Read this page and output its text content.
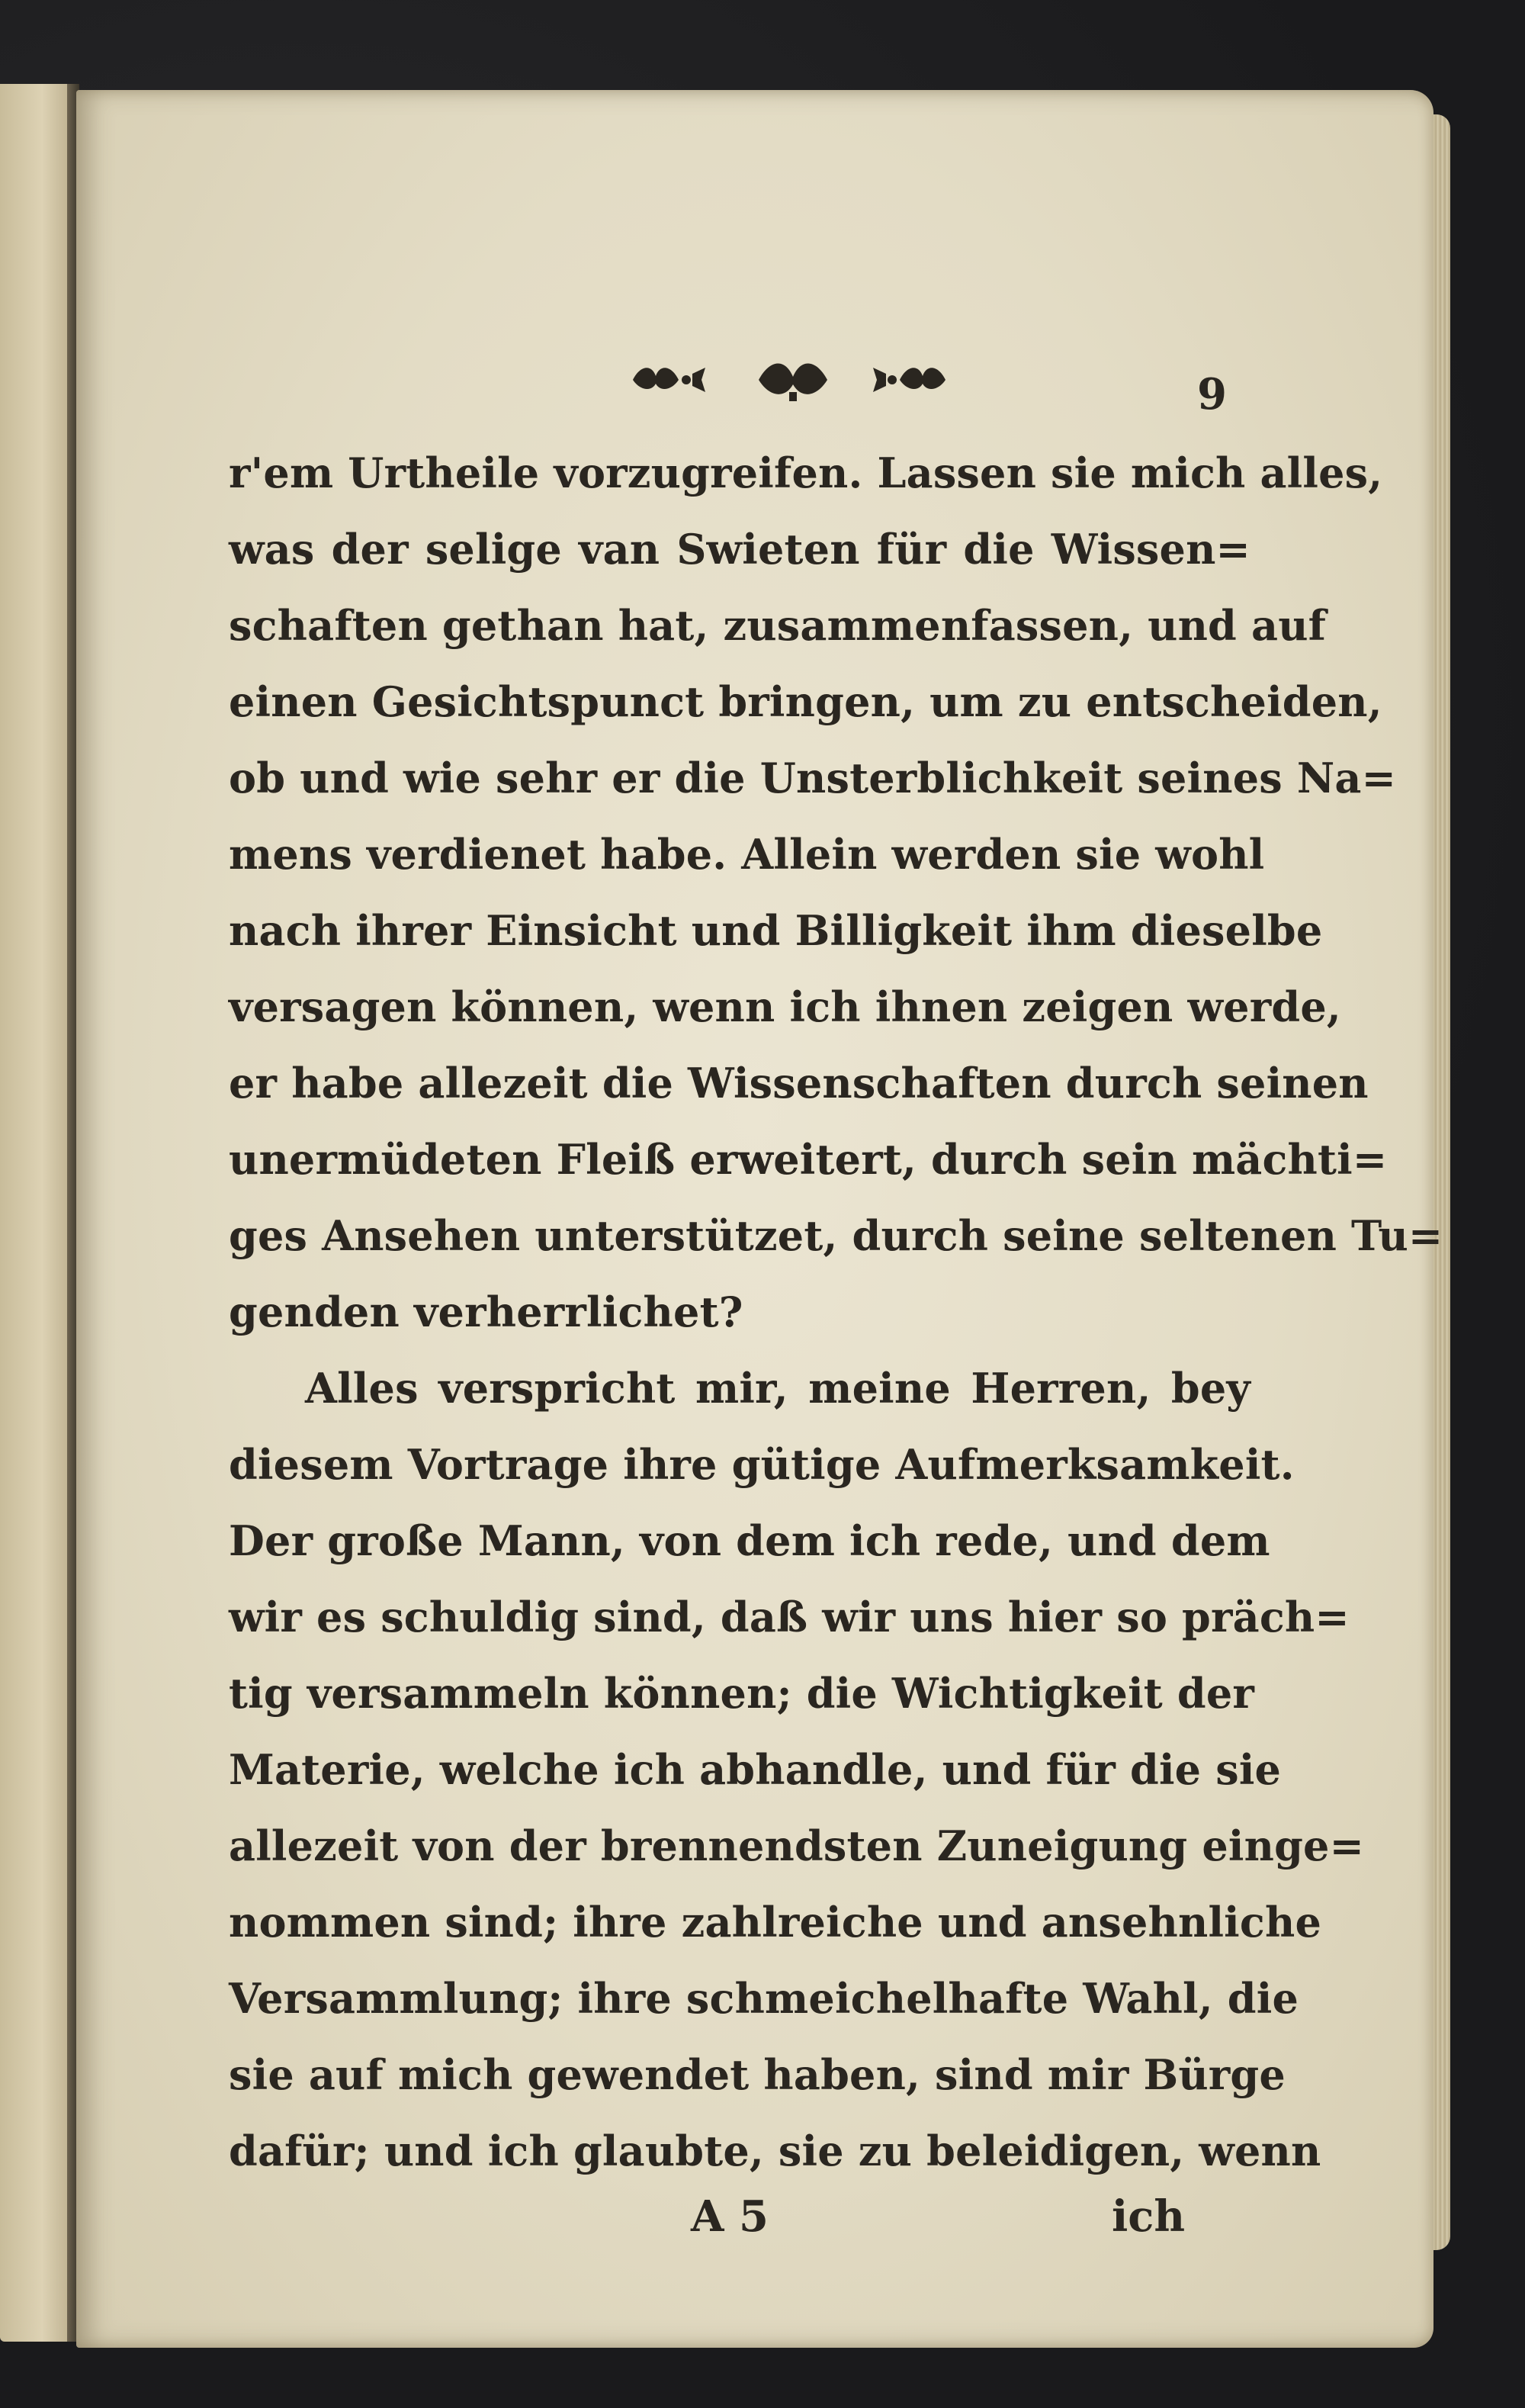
9
r'em Urtheile vorzugreifen. Lassen sie mich alles,
was der selige van Swieten für die Wissen=
schaften gethan hat, zusammenfassen, und auf
einen Gesichtspunct bringen, um zu entscheiden,
ob und wie sehr er die Unsterblichkeit seines Na=
mens verdienet habe. Allein werden sie wohl
nach ihrer Einsicht und Billigkeit ihm dieselbe
versagen können, wenn ich ihnen zeigen werde,
er habe allezeit die Wissenschaften durch seinen
unermüdeten Fleiß erweitert, durch sein mächti=
ges Ansehen unterstützet, durch seine seltenen Tu=
genden verherrlichet?
Alles verspricht mir, meine Herren, bey
diesem Vortrage ihre gütige Aufmerksamkeit.
Der große Mann, von dem ich rede, und dem
wir es schuldig sind, daß wir uns hier so präch=
tig versammeln können; die Wichtigkeit der
Materie, welche ich abhandle, und für die sie
allezeit von der brennendsten Zuneigung einge=
nommen sind; ihre zahlreiche und ansehnliche
Versammlung; ihre schmeichelhafte Wahl, die
sie auf mich gewendet haben, sind mir Bürge
dafür; und ich glaubte, sie zu beleidigen, wenn
A 5	ich
